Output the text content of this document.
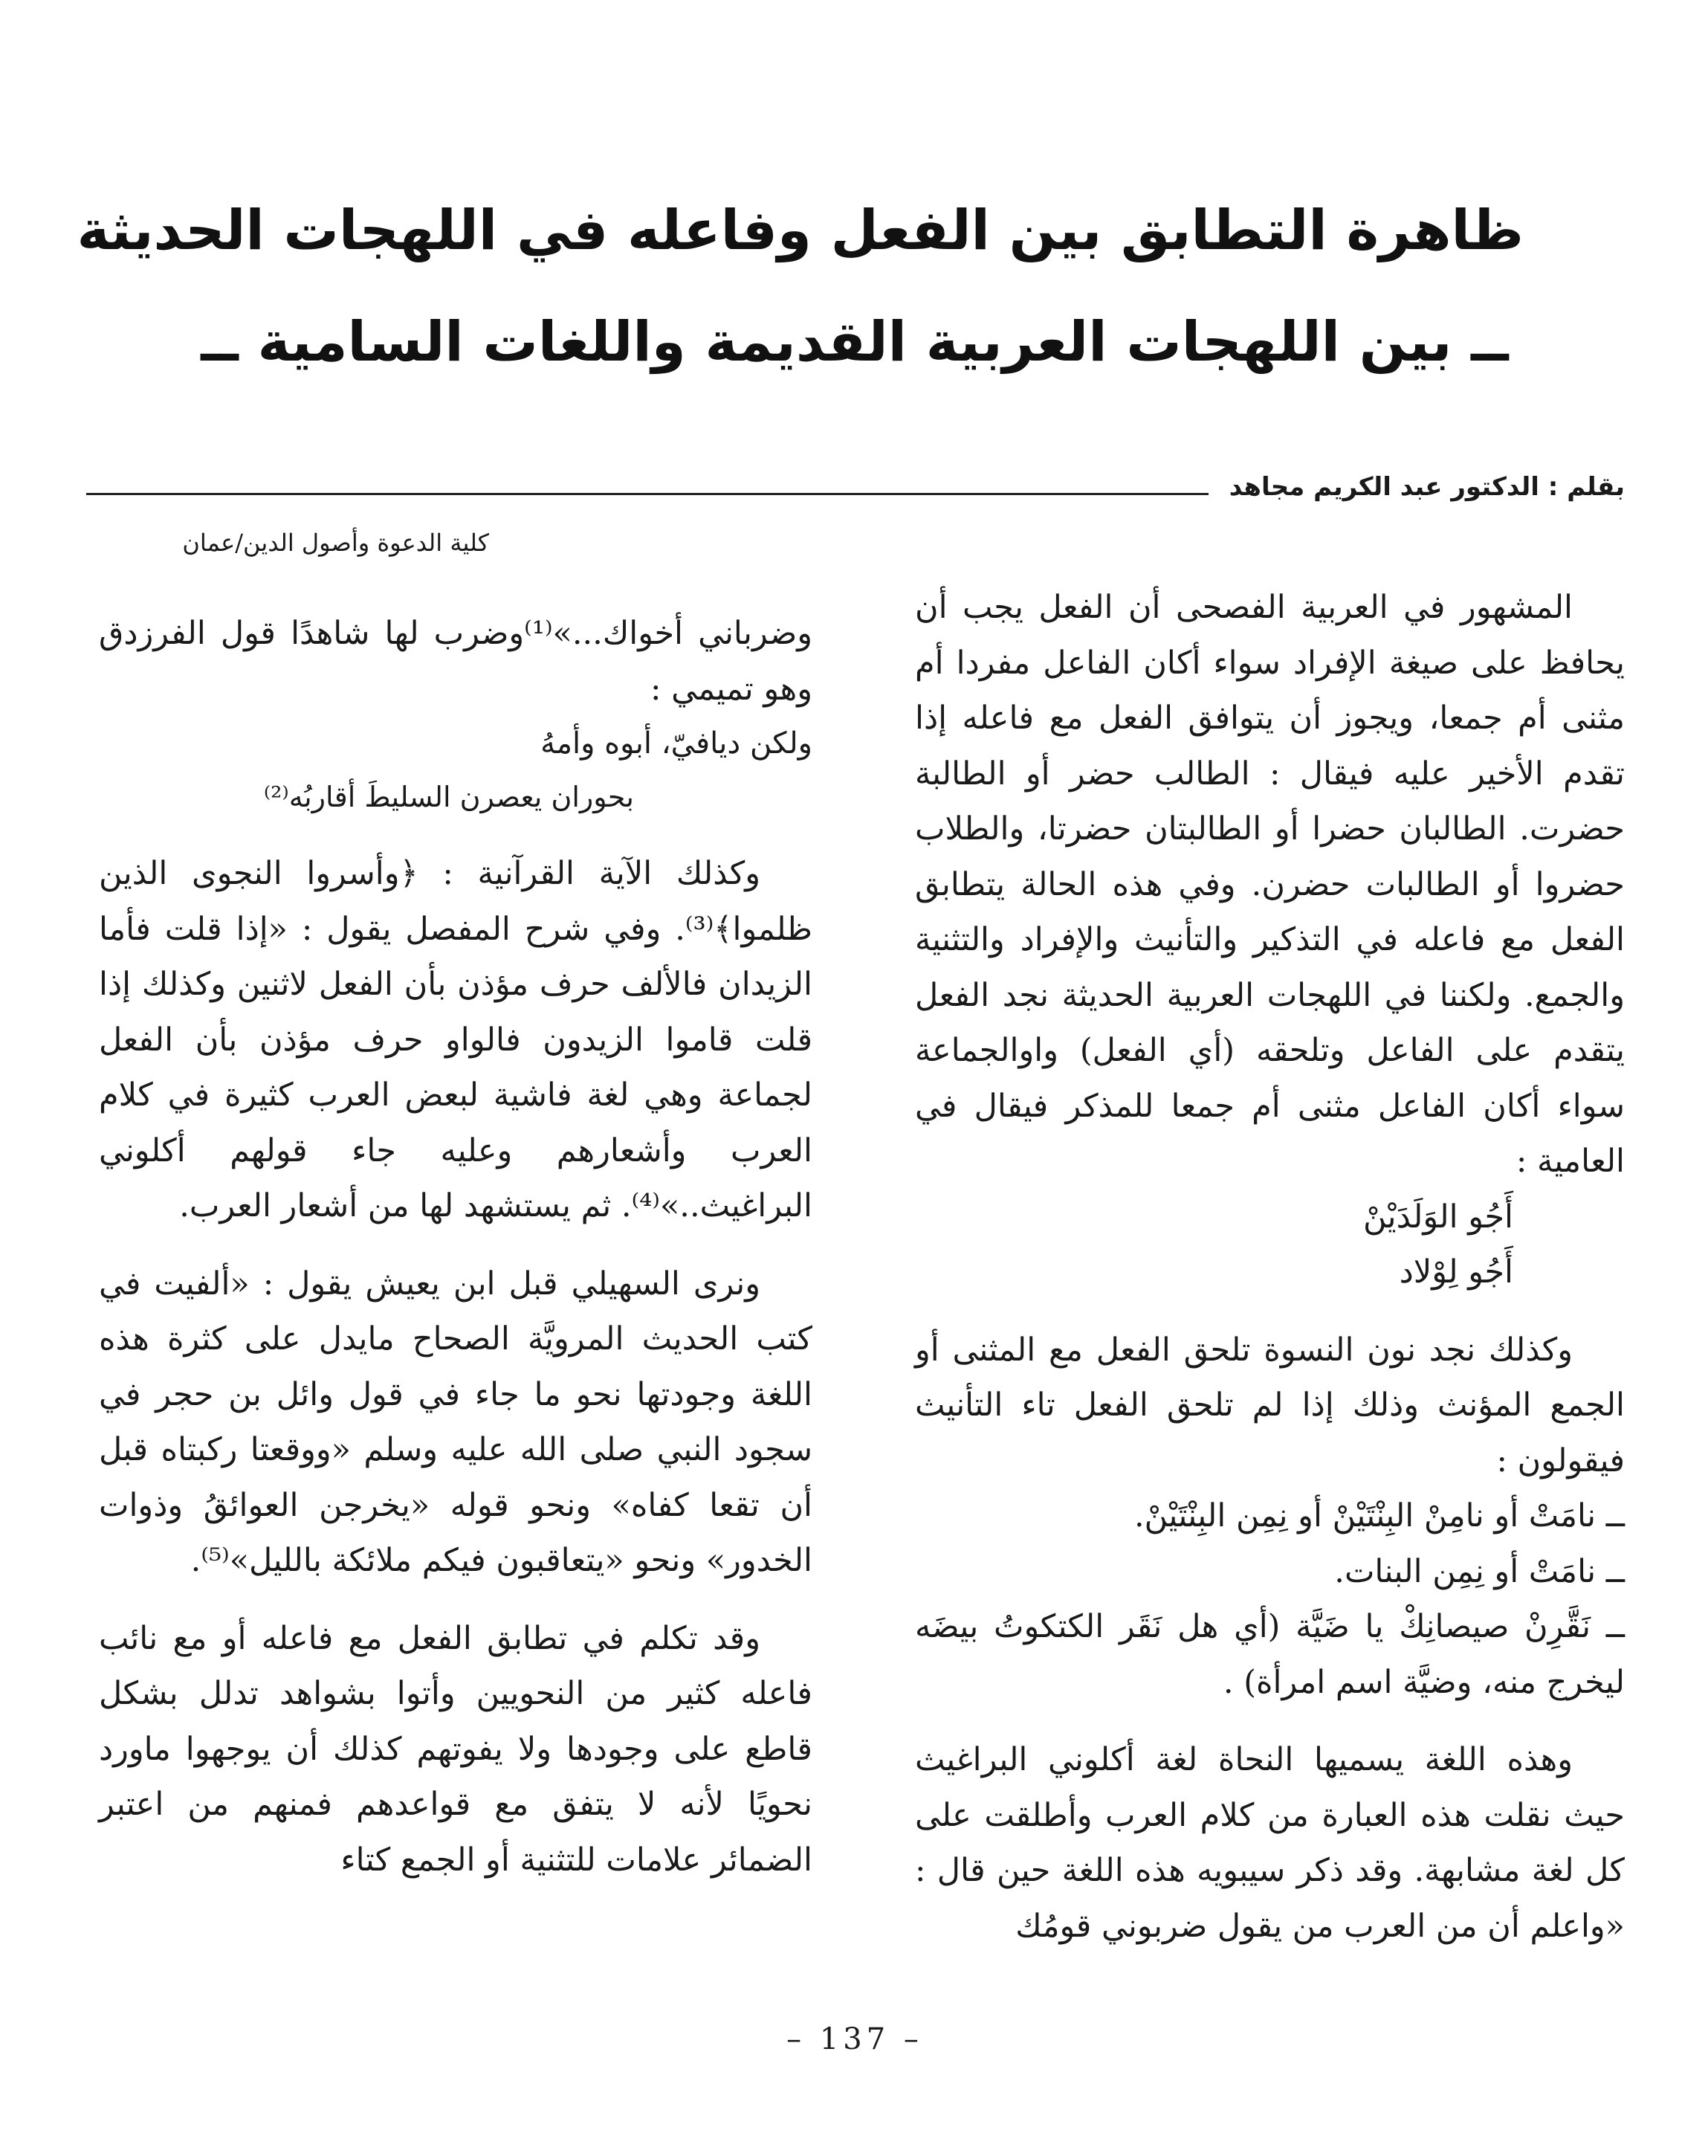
ظاهرة التطابق بين الفعل وفاعله في اللهجات الحديثة
ــ بين اللهجات العربية القديمة واللغات السامية ــ
بقلم : الدكتور عبد الكريم مجاهد
كلية الدعوة وأصول الدين/عمان

المشهور في العربية الفصحى أن الفعل يجب أن يحافظ على صيغة الإفراد سواء أكان الفاعل مفردا أم مثنى أم جمعا، ويجوز أن يتوافق الفعل مع فاعله إذا تقدم الأخير عليه فيقال : الطالب حضر أو الطالبة حضرت. الطالبان حضرا أو الطالبتان حضرتا، والطلاب حضروا أو الطالبات حضرن. وفي هذه الحالة يتطابق الفعل مع فاعله في التذكير والتأنيث والإفراد والتثنية والجمع. ولكننا في اللهجات العربية الحديثة نجد الفعل يتقدم على الفاعل وتلحقه (أي الفعل) واوالجماعة سواء أكان الفاعل مثنى أم جمعا للمذكر فيقال في العامية :

أَجُو الوَلَدَيْنْ

أَجُو لِوْلاد

وكذلك نجد نون النسوة تلحق الفعل مع المثنى أو الجمع المؤنث وذلك إذا لم تلحق الفعل تاء التأنيث فيقولون :

ــ نامَتْ أو نامِنْ البِنْتَيْنْ أو نِمِن البِنْتَيْنْ.

ــ نامَتْ أو نِمِن البنات.

ــ نَقَّرِنْ صيصانِكْ يا ضَيَّة (أي هل نَقَر الكتكوتُ بيضَه ليخرج منه، وضيَّة اسم امرأة) .

وهذه اللغة يسميها النحاة لغة أكلوني البراغيث حيث نقلت هذه العبارة من كلام العرب وأطلقت على كل لغة مشابهة. وقد ذكر سيبويه هذه اللغة حين قال : «واعلم أن من العرب من يقول ضربوني قومُك

وضرباني أخواك...»⁽¹⁾وضرب لها شاهدًا قول الفرزدق وهو تميمي :

ولكن ديافيّ، أبوه وأمهُ

بحوران يعصرن السليطَ أقاربُه⁽²⁾

وكذلك الآية القرآنية : ﴿وأسروا النجوى الذين ظلموا﴾⁽³⁾. وفي شرح المفصل يقول : «إذا قلت فأما الزيدان فالألف حرف مؤذن بأن الفعل لاثنين وكذلك إذا قلت قاموا الزيدون فالواو حرف مؤذن بأن الفعل لجماعة وهي لغة فاشية لبعض العرب كثيرة في كلام العرب وأشعارهم وعليه جاء قولهم أكلوني البراغيث..»⁽⁴⁾. ثم يستشهد لها من أشعار العرب.

ونرى السهيلي قبل ابن يعيش يقول : «ألفيت في كتب الحديث المرويَّة الصحاح مايدل على كثرة هذه اللغة وجودتها نحو ما جاء في قول وائل بن حجر في سجود النبي صلى الله عليه وسلم «ووقعتا ركبتاه قبل أن تقعا كفاه» ونحو قوله «يخرجن العوائقُ وذوات الخدور» ونحو «يتعاقبون فيكم ملائكة بالليل»⁽⁵⁾.

وقد تكلم في تطابق الفعل مع فاعله أو مع نائب فاعله كثير من النحويين وأتوا بشواهد تدلل بشكل قاطع على وجودها ولا يفوتهم كذلك أن يوجهوا ماورد نحويًا لأنه لا يتفق مع قواعدهم فمنهم من اعتبر الضمائر علامات للتثنية أو الجمع كتاء

– 137 –
